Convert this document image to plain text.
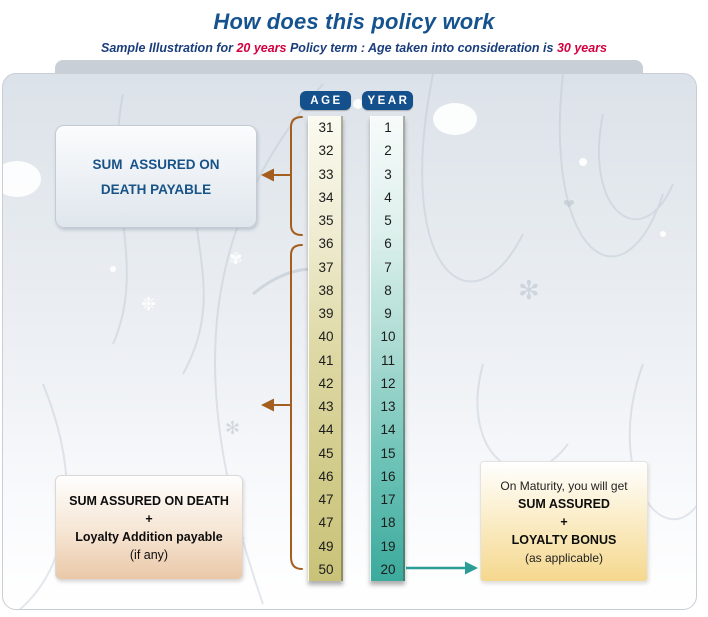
How does this policy work
Sample Illustration for 20 years Policy term : Age taken into consideration is 30 years
✻
✻
❤
❉
✾
AGE	YEAR
31
32
33
34
35
36
37
38
39
40
41
42
43
44
45
46
47
47
49
50
1
2
3
4
5
6
7
8
9
10
11
12
13
14
15
16
17
18
19
20
SUM  ASSURED ON
DEATH PAYABLE
SUM ASSURED ON DEATH
+
Loyalty Addition payable
(if any)
On Maturity, you will get
SUM ASSURED
+
LOYALTY BONUS
(as applicable)
